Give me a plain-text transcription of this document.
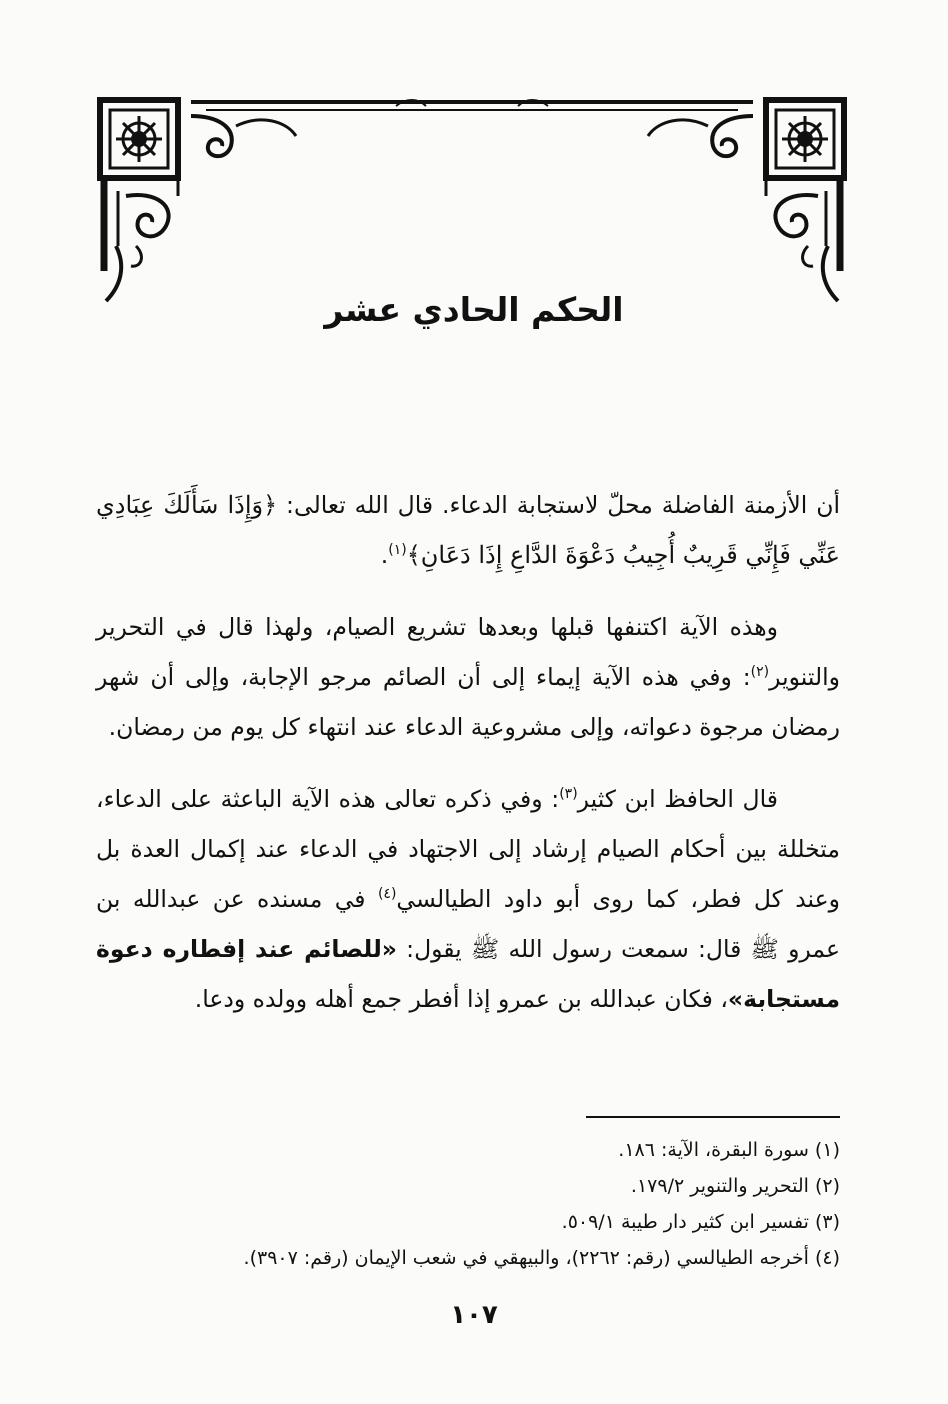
الحكم الحادي عشر

أن الأزمنة الفاضلة محلّ لاستجابة الدعاء. قال الله تعالى: ﴿وَإِذَا سَأَلَكَ عِبَادِي عَنِّي فَإِنِّي قَرِيبٌ أُجِيبُ دَعْوَةَ الدَّاعِ إِذَا دَعَانِ﴾$^{(١)}$.

وهذه الآية اكتنفها قبلها وبعدها تشريع الصيام، ولهذا قال في التحرير والتنوير$^{(٢)}$: وفي هذه الآية إيماء إلى أن الصائم مرجو الإجابة، وإلى أن شهر رمضان مرجوة دعواته، وإلى مشروعية الدعاء عند انتهاء كل يوم من رمضان.

قال الحافظ ابن كثير$^{(٣)}$: وفي ذكره تعالى هذه الآية الباعثة على الدعاء، متخللة بين أحكام الصيام إرشاد إلى الاجتهاد في الدعاء عند إكمال العدة بل وعند كل فطر، كما روى أبو داود الطيالسي$^{(٤)}$ في مسنده عن عبدالله بن عمرو ﷺ قال: سمعت رسول الله ﷺ يقول: «للصائم عند إفطاره دعوة مستجابة»، فكان عبدالله بن عمرو إذا أفطر جمع أهله وولده ودعا.

(١) سورة البقرة، الآية: ١٨٦.
(٢) التحرير والتنوير ١٧٩/٢.
(٣) تفسير ابن كثير دار طيبة ٥٠٩/١.
(٤) أخرجه الطيالسي (رقم: ٢٢٦٢)، والبيهقي في شعب الإيمان (رقم: ٣٩٠٧).
١٠٧
